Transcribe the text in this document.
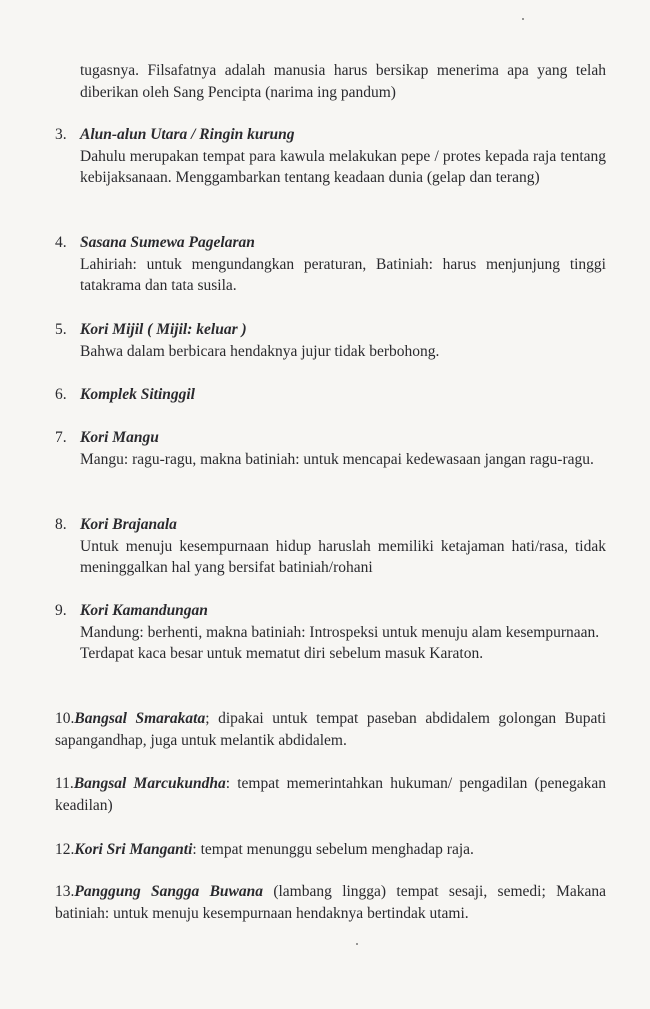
tugasnya. Filsafatnya adalah manusia harus bersikap menerima apa yang telah diberikan oleh Sang Pencipta (narima ing pandum)
3. Alun-alun Utara / Ringin kurung
Dahulu merupakan tempat para kawula melakukan pepe / protes kepada raja tentang kebijaksanaan. Menggambarkan tentang keadaan dunia (gelap dan terang)
4. Sasana Sumewa Pagelaran
Lahiriah: untuk mengundangkan peraturan, Batiniah: harus menjunjung tinggi tatakrama dan tata susila.
5. Kori Mijil ( Mijil: keluar )
Bahwa dalam berbicara hendaknya jujur tidak berbohong.
6. Komplek Sitinggil
7. Kori Mangu
Mangu: ragu-ragu, makna batiniah: untuk mencapai kedewasaan jangan ragu-ragu.
8. Kori Brajanala
Untuk menuju kesempurnaan hidup haruslah memiliki ketajaman hati/rasa, tidak meninggalkan hal yang bersifat batiniah/rohani
9. Kori Kamandungan
Mandung: berhenti, makna batiniah: Introspeksi untuk menuju alam kesempurnaan.
Terdapat kaca besar untuk mematut diri sebelum masuk Karaton.
10.Bangsal Smarakata; dipakai untuk tempat paseban abdidalem golongan Bupati sapangandhap, juga untuk melantik abdidalem.
11.Bangsal Marcukundha: tempat memerintahkan hukuman/ pengadilan (penegakan keadilan)
12.Kori Sri Manganti: tempat menunggu sebelum menghadap raja.
13.Panggung Sangga Buwana (lambang lingga) tempat sesaji, semedi; Makana batiniah: untuk menuju kesempurnaan hendaknya bertindak utami.
